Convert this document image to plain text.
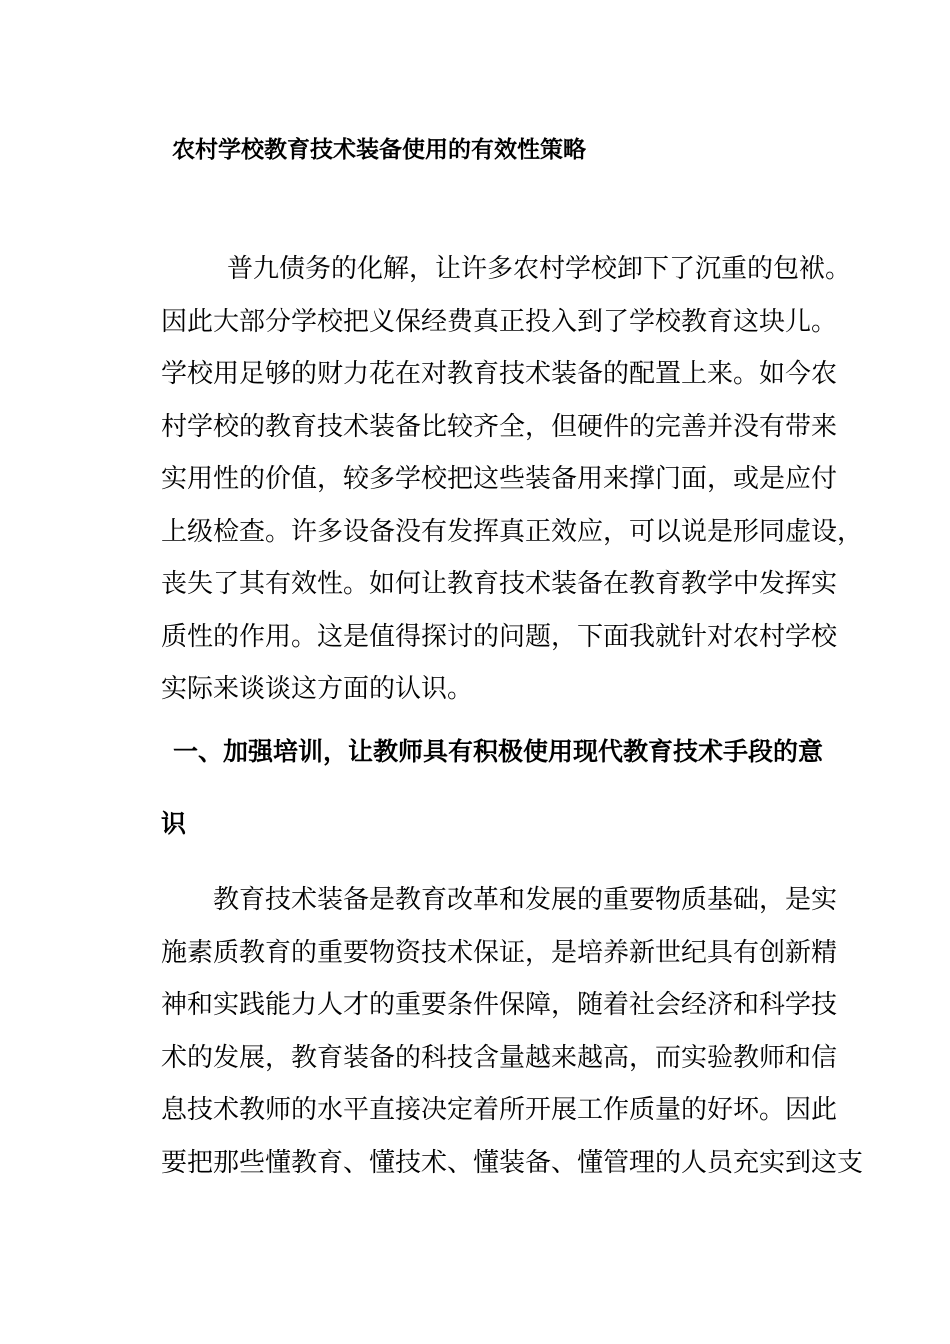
农村学校教育技术装备使用的有效性策略
普九债务的化解，让许多农村学校卸下了沉重的包袱。
因此大部分学校把义保经费真正投入到了学校教育这块儿。
学校用足够的财力花在对教育技术装备的配置上来。如今农
村学校的教育技术装备比较齐全，但硬件的完善并没有带来
实用性的价值，较多学校把这些装备用来撑门面，或是应付
上级检查。许多设备没有发挥真正效应，可以说是形同虚设，
丧失了其有效性。如何让教育技术装备在教育教学中发挥实
质性的作用。这是值得探讨的问题，下面我就针对农村学校
实际来谈谈这方面的认识。
一、加强培训，让教师具有积极使用现代教育技术手段的意
识
教育技术装备是教育改革和发展的重要物质基础，是实
施素质教育的重要物资技术保证，是培养新世纪具有创新精
神和实践能力人才的重要条件保障，随着社会经济和科学技
术的发展，教育装备的科技含量越来越高，而实验教师和信
息技术教师的水平直接决定着所开展工作质量的好坏。因此
要把那些懂教育、懂技术、懂装备、懂管理的人员充实到这支
